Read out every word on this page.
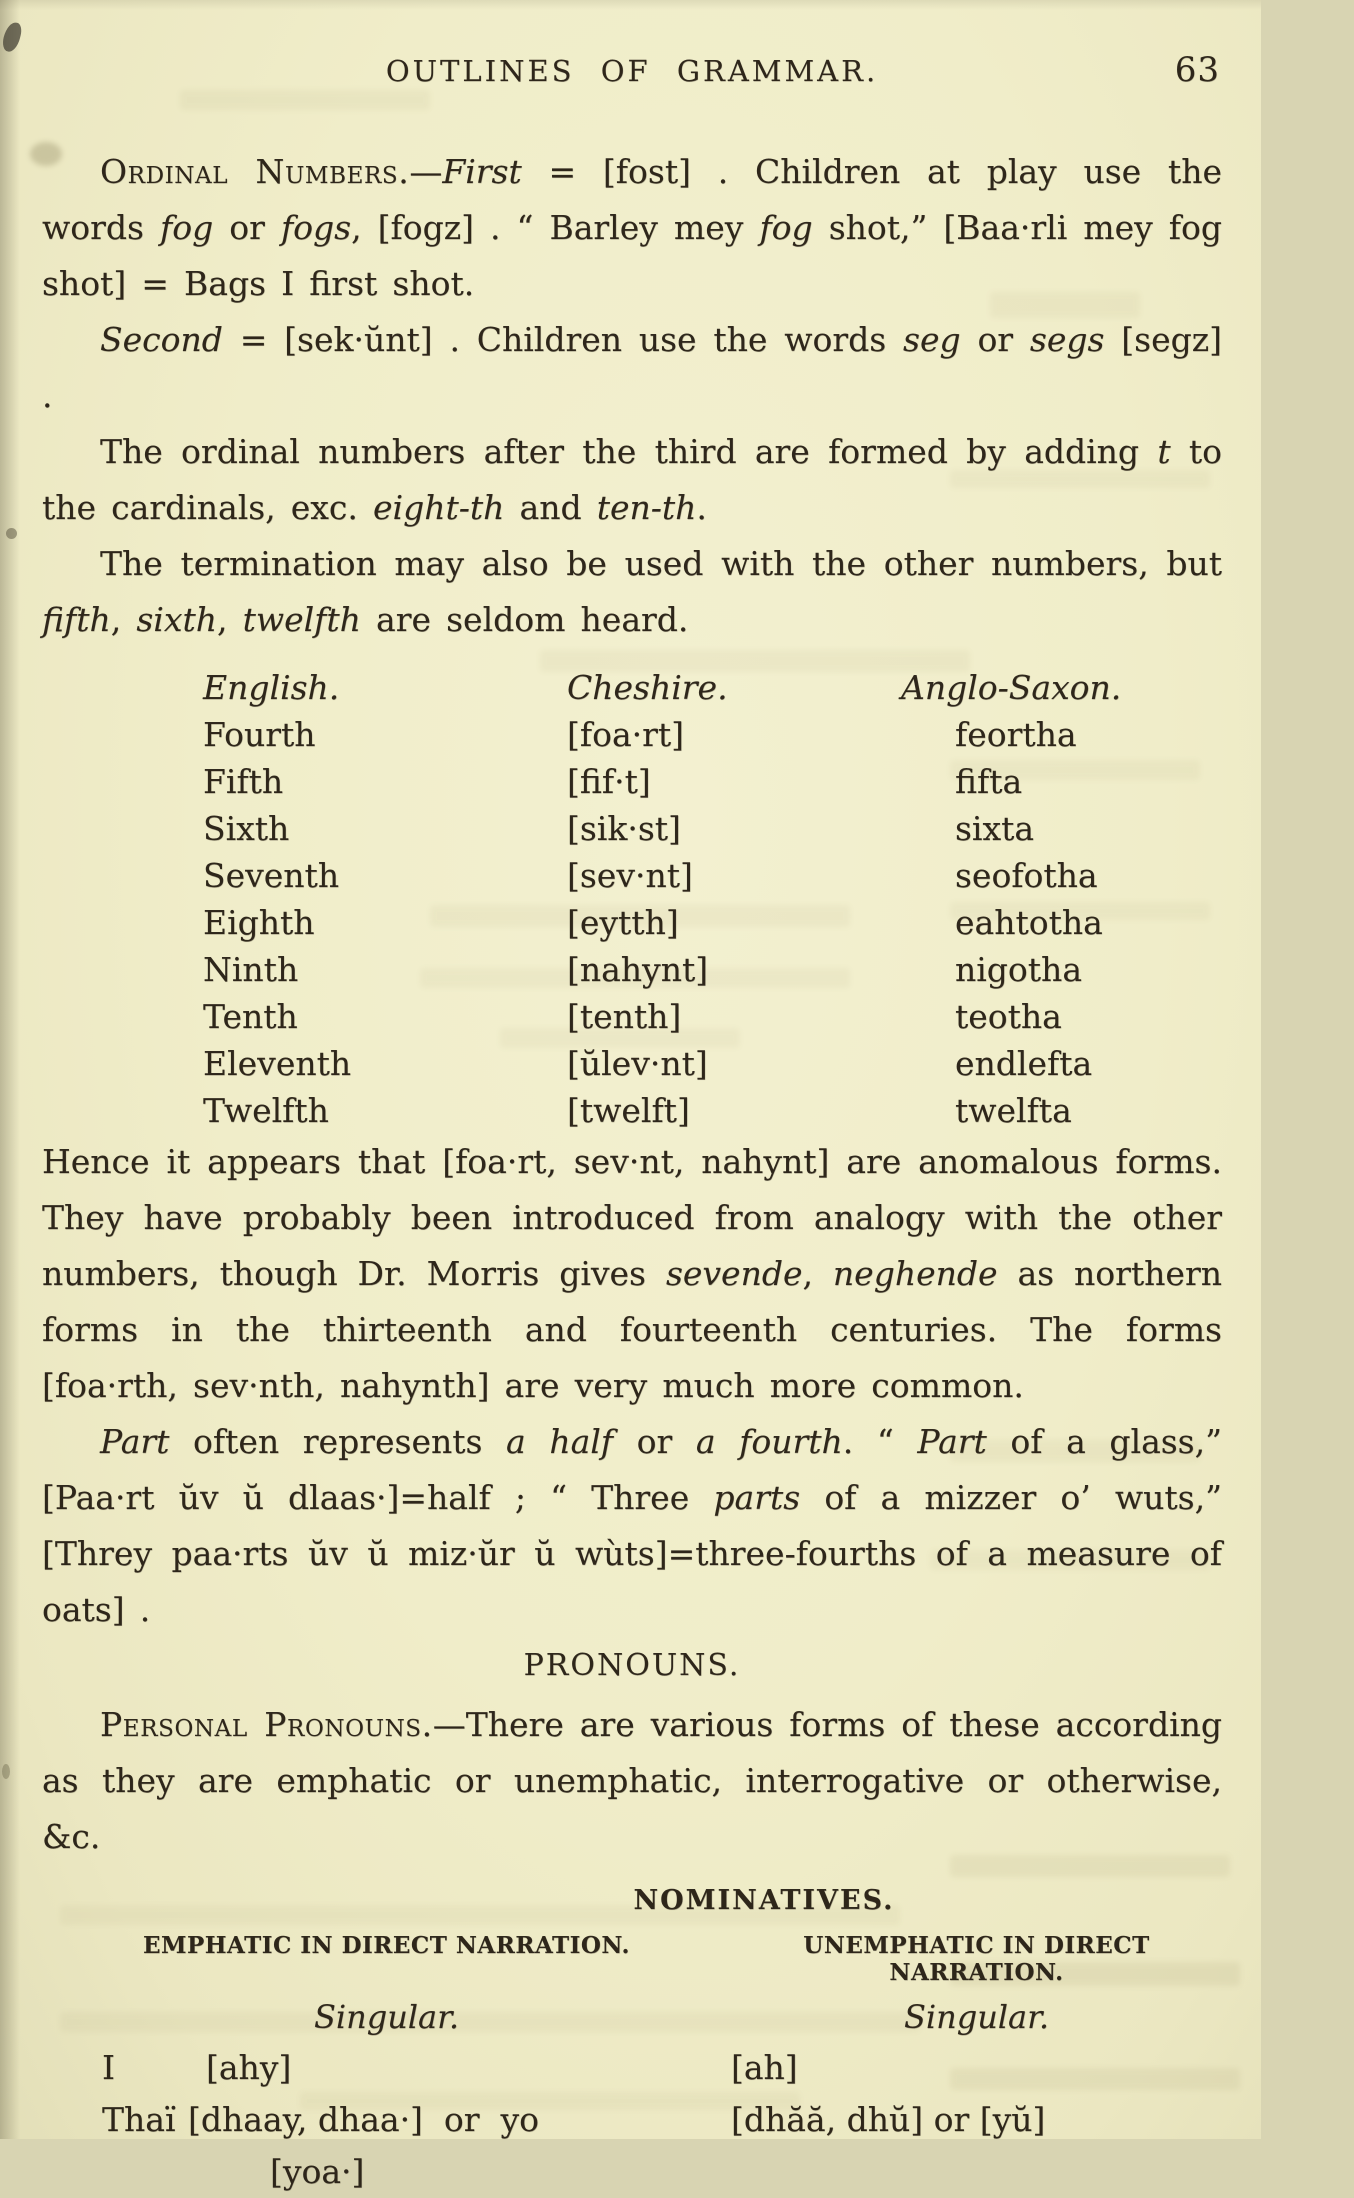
OUTLINES OF GRAMMAR.	63

Ordinal Numbers.—First = [fost] . Children at play use the words fog or fogs, [fogz] . “ Barley mey fog shot,” [Baa·rli mey fog shot] = Bags I first shot.

Second = [sek·ŭnt] . Children use the words seg or segs [segz] .

The ordinal numbers after the third are formed by adding t to the cardinals, exc. eight-th and ten-th.

The termination may also be used with the other numbers, but fifth, sixth, twelfth are seldom heard.

English.	Cheshire.	Anglo-Saxon.
Fourth	[foa·rt]	feortha
Fifth	[fif·t]	fifta
Sixth	[sik·st]	sixta
Seventh	[sev·nt]	seofotha
Eighth	[eytth]	eahtotha
Ninth	[nahynt]	nigotha
Tenth	[tenth]	teotha
Eleventh	[ŭlev·nt]	endlefta
Twelfth	[twelft]	twelfta

Hence it appears that [foa·rt, sev·nt, nahynt] are anomalous forms. They have probably been introduced from analogy with the other numbers, though Dr. Morris gives sevende, neghende as northern forms in the thirteenth and fourteenth centuries. The forms [foa·rth, sev·nth, nahynth] are very much more common.

Part often represents a half or a fourth. “ Part of a glass,” [Paa·rt ŭv ŭ dlaas·]=half ; “ Three parts of a mizzer o’ wuts,” [Threy paa·rts ŭv ŭ miz·ŭr ŭ wùts]=three-fourths of a measure of oats] .

PRONOUNS.

Personal Pronouns.—There are various forms of these according as they are emphatic or unemphatic, interrogative or otherwise, &c.

NOMINATIVES.
EMPHATIC IN DIRECT NARRATION.	UNEMPHATIC IN DIRECT NARRATION.
Singular.	Singular.
I	[ahy]	[ah]
Thaï [dhaay, dhaa·]  or  yo	[dhăă, dhŭ] or [yŭ]
[yoa·]
